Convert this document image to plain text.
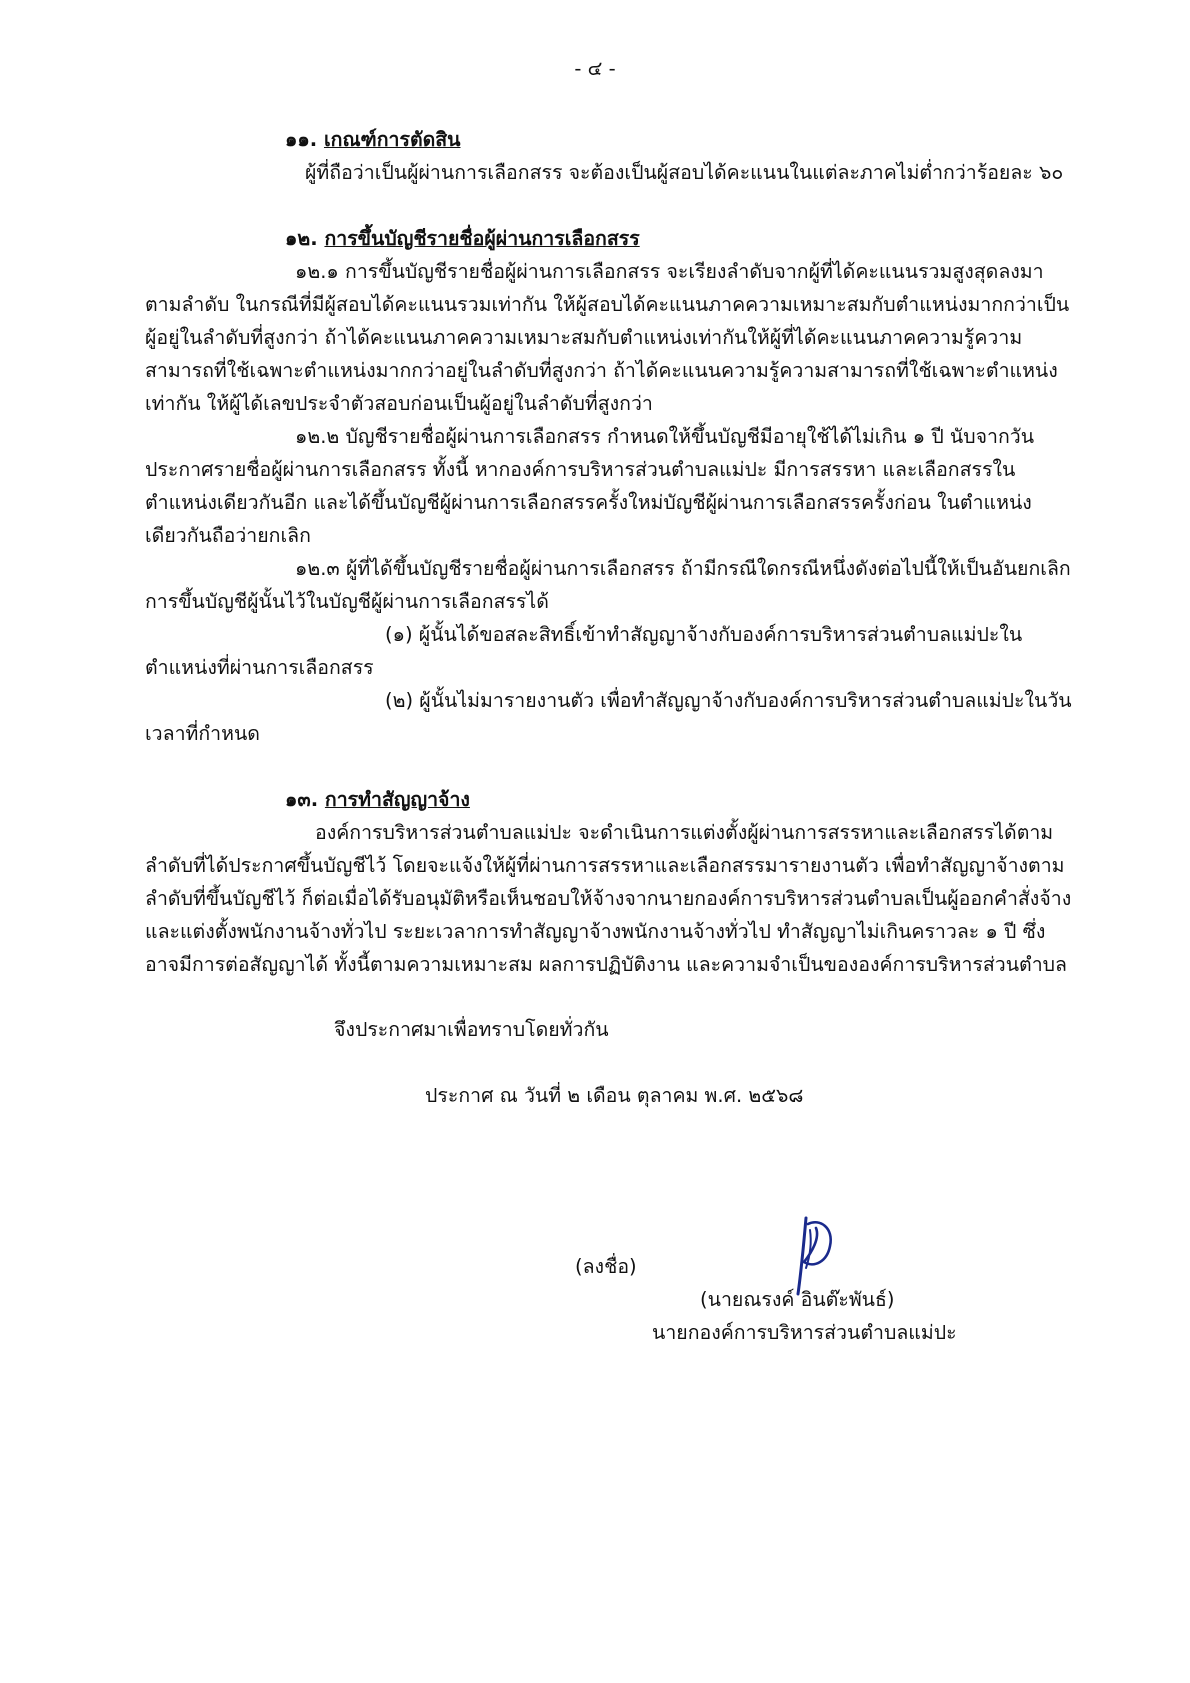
- ๔ -

๑๑. เกณฑ์การตัดสิน

ผู้ที่ถือว่าเป็นผู้ผ่านการเลือกสรร จะต้องเป็นผู้สอบได้คะแนนในแต่ละภาคไม่ต่ำกว่าร้อยละ ๖๐

๑๒. การขึ้นบัญชีรายชื่อผู้ผ่านการเลือกสรร

๑๒.๑ การขึ้นบัญชีรายชื่อผู้ผ่านการเลือกสรร จะเรียงลำดับจากผู้ที่ได้คะแนนรวมสูงสุดลงมาตามลำดับ ในกรณีที่มีผู้สอบได้คะแนนรวมเท่ากัน ให้ผู้สอบได้คะแนนภาคความเหมาะสมกับตำแหน่งมากกว่าเป็นผู้อยู่ในลำดับที่สูงกว่า ถ้าได้คะแนนภาคความเหมาะสมกับตำแหน่งเท่ากันให้ผู้ที่ได้คะแนนภาคความรู้ความสามารถที่ใช้เฉพาะตำแหน่งมากกว่าอยู่ในลำดับที่สูงกว่า ถ้าได้คะแนนความรู้ความสามารถที่ใช้เฉพาะตำแหน่งเท่ากัน ให้ผู้ได้เลขประจำตัวสอบก่อนเป็นผู้อยู่ในลำดับที่สูงกว่า

๑๒.๒ บัญชีรายชื่อผู้ผ่านการเลือกสรร กำหนดให้ขึ้นบัญชีมีอายุใช้ได้ไม่เกิน ๑ ปี นับจากวันประกาศรายชื่อผู้ผ่านการเลือกสรร ทั้งนี้ หากองค์การบริหารส่วนตำบลแม่ปะ มีการสรรหา และเลือกสรรในตำแหน่งเดียวกันอีก และได้ขึ้นบัญชีผู้ผ่านการเลือกสรรครั้งใหม่บัญชีผู้ผ่านการเลือกสรรครั้งก่อน ในตำแหน่งเดียวกันถือว่ายกเลิก

๑๒.๓ ผู้ที่ได้ขึ้นบัญชีรายชื่อผู้ผ่านการเลือกสรร ถ้ามีกรณีใดกรณีหนึ่งดังต่อไปนี้ให้เป็นอันยกเลิกการขึ้นบัญชีผู้นั้นไว้ในบัญชีผู้ผ่านการเลือกสรรได้

(๑) ผู้นั้นได้ขอสละสิทธิ์เข้าทำสัญญาจ้างกับองค์การบริหารส่วนตำบลแม่ปะในตำแหน่งที่ผ่านการเลือกสรร

(๒) ผู้นั้นไม่มารายงานตัว เพื่อทำสัญญาจ้างกับองค์การบริหารส่วนตำบลแม่ปะในวันเวลาที่กำหนด

๑๓. การทำสัญญาจ้าง

องค์การบริหารส่วนตำบลแม่ปะ จะดำเนินการแต่งตั้งผู้ผ่านการสรรหาและเลือกสรรได้ตามลำดับที่ได้ประกาศขึ้นบัญชีไว้ โดยจะแจ้งให้ผู้ที่ผ่านการสรรหาและเลือกสรรมารายงานตัว เพื่อทำสัญญาจ้างตามลำดับที่ขึ้นบัญชีไว้ ก็ต่อเมื่อได้รับอนุมัติหรือเห็นชอบให้จ้างจากนายกองค์การบริหารส่วนตำบลเป็นผู้ออกคำสั่งจ้างและแต่งตั้งพนักงานจ้างทั่วไป ระยะเวลาการทำสัญญาจ้างพนักงานจ้างทั่วไป ทำสัญญาไม่เกินคราวละ ๑ ปี ซึ่งอาจมีการต่อสัญญาได้ ทั้งนี้ตามความเหมาะสม ผลการปฏิบัติงาน และความจำเป็นขององค์การบริหารส่วนตำบล

จึงประกาศมาเพื่อทราบโดยทั่วกัน

ประกาศ ณ วันที่ ๒ เดือน ตุลาคม พ.ศ. ๒๕๖๘

(ลงชื่อ)

(นายณรงค์ อินต๊ะพันธ์)

นายกองค์การบริหารส่วนตำบลแม่ปะ
